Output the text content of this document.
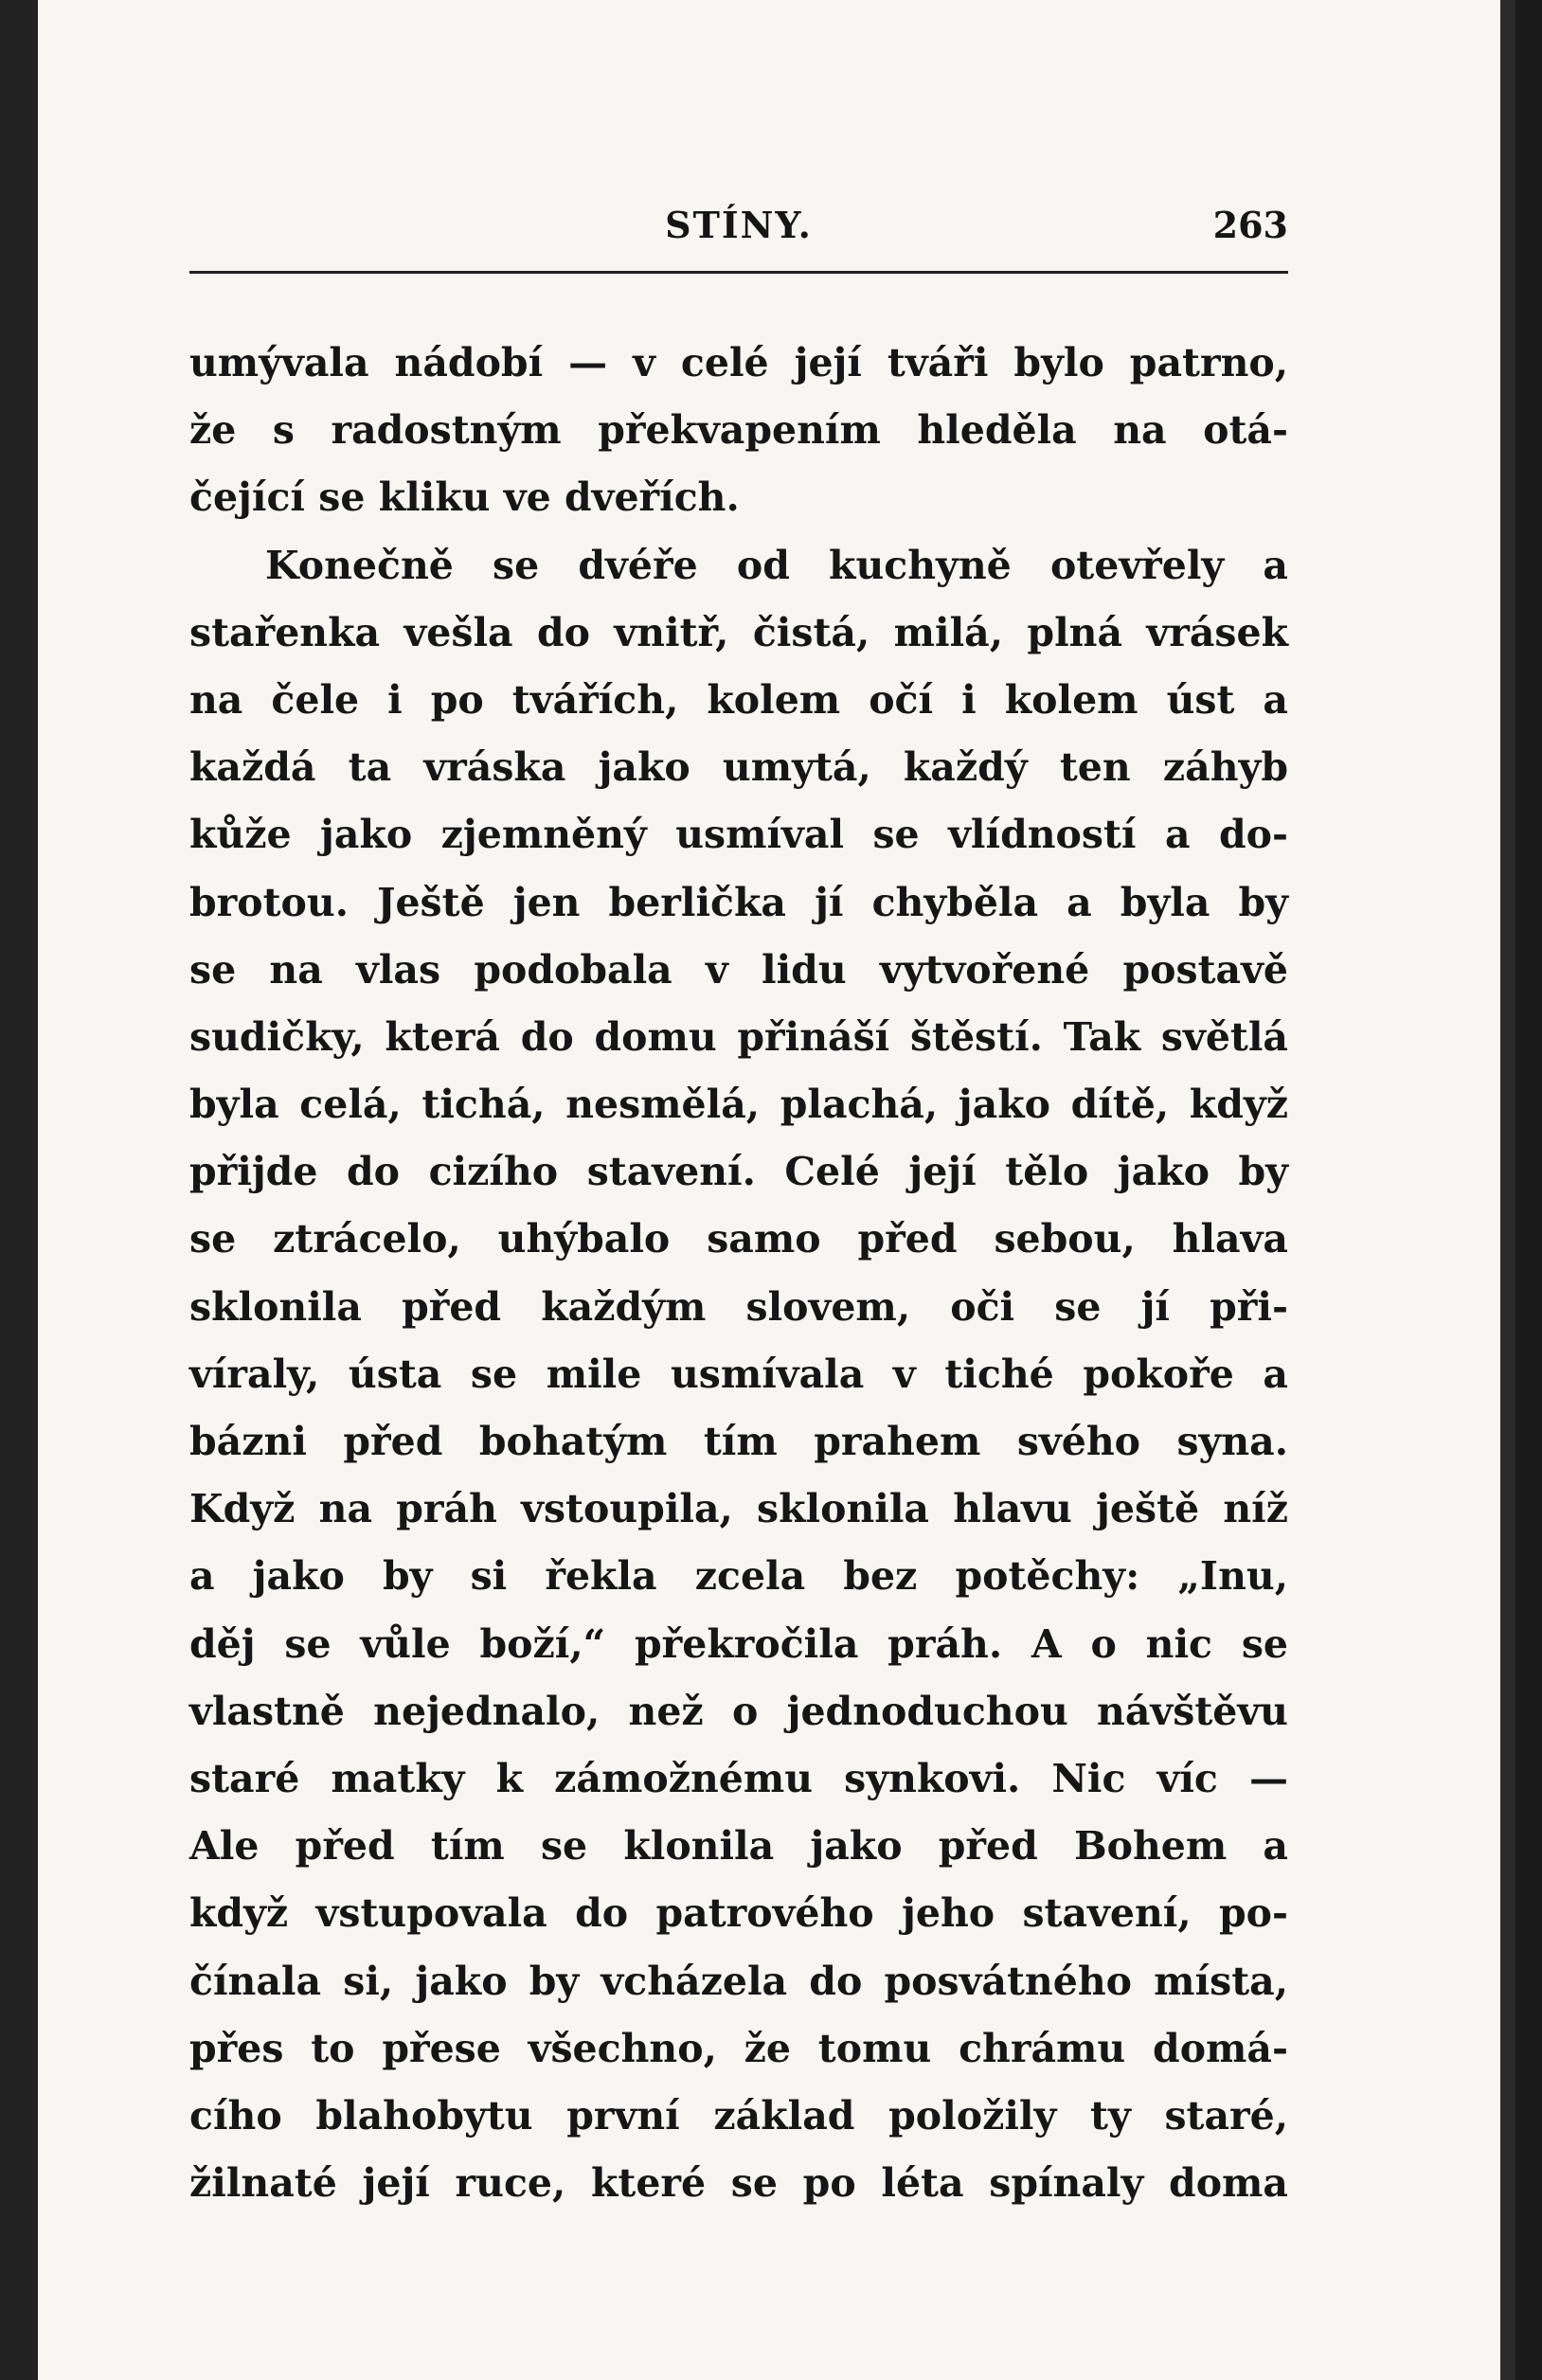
STÍNY.	263
umývala nádobí — v celé její tváři bylo patrno,
že s radostným překvapením hleděla na otá-
čející se kliku ve dveřích.
Konečně se dvéře od kuchyně otevřely a
stařenka vešla do vnitř, čistá, milá, plná vrásek
na čele i po tvářích, kolem očí i kolem úst a
každá ta vráska jako umytá, každý ten záhyb
kůže jako zjemněný usmíval se vlídností a do-
brotou. Ještě jen berlička jí chyběla a byla by
se na vlas podobala v lidu vytvořené postavě
sudičky, která do domu přináší štěstí. Tak světlá
byla celá, tichá, nesmělá, plachá, jako dítě, když
přijde do cizího stavení. Celé její tělo jako by
se ztrácelo, uhýbalo samo před sebou, hlava
sklonila před každým slovem, oči se jí při-
víraly, ústa se mile usmívala v tiché pokoře a
bázni před bohatým tím prahem svého syna.
Když na práh vstoupila, sklonila hlavu ještě níž
a jako by si řekla zcela bez potěchy: „Inu,
děj se vůle boží,“ překročila práh. A o nic se
vlastně nejednalo, než o jednoduchou návštěvu
staré matky k zámožnému synkovi. Nic víc —
Ale před tím se klonila jako před Bohem a
když vstupovala do patrového jeho stavení, po-
čínala si, jako by vcházela do posvátného místa,
přes to přese všechno, že tomu chrámu domá-
cího blahobytu první základ položily ty staré,
žilnaté její ruce, které se po léta spínaly doma
